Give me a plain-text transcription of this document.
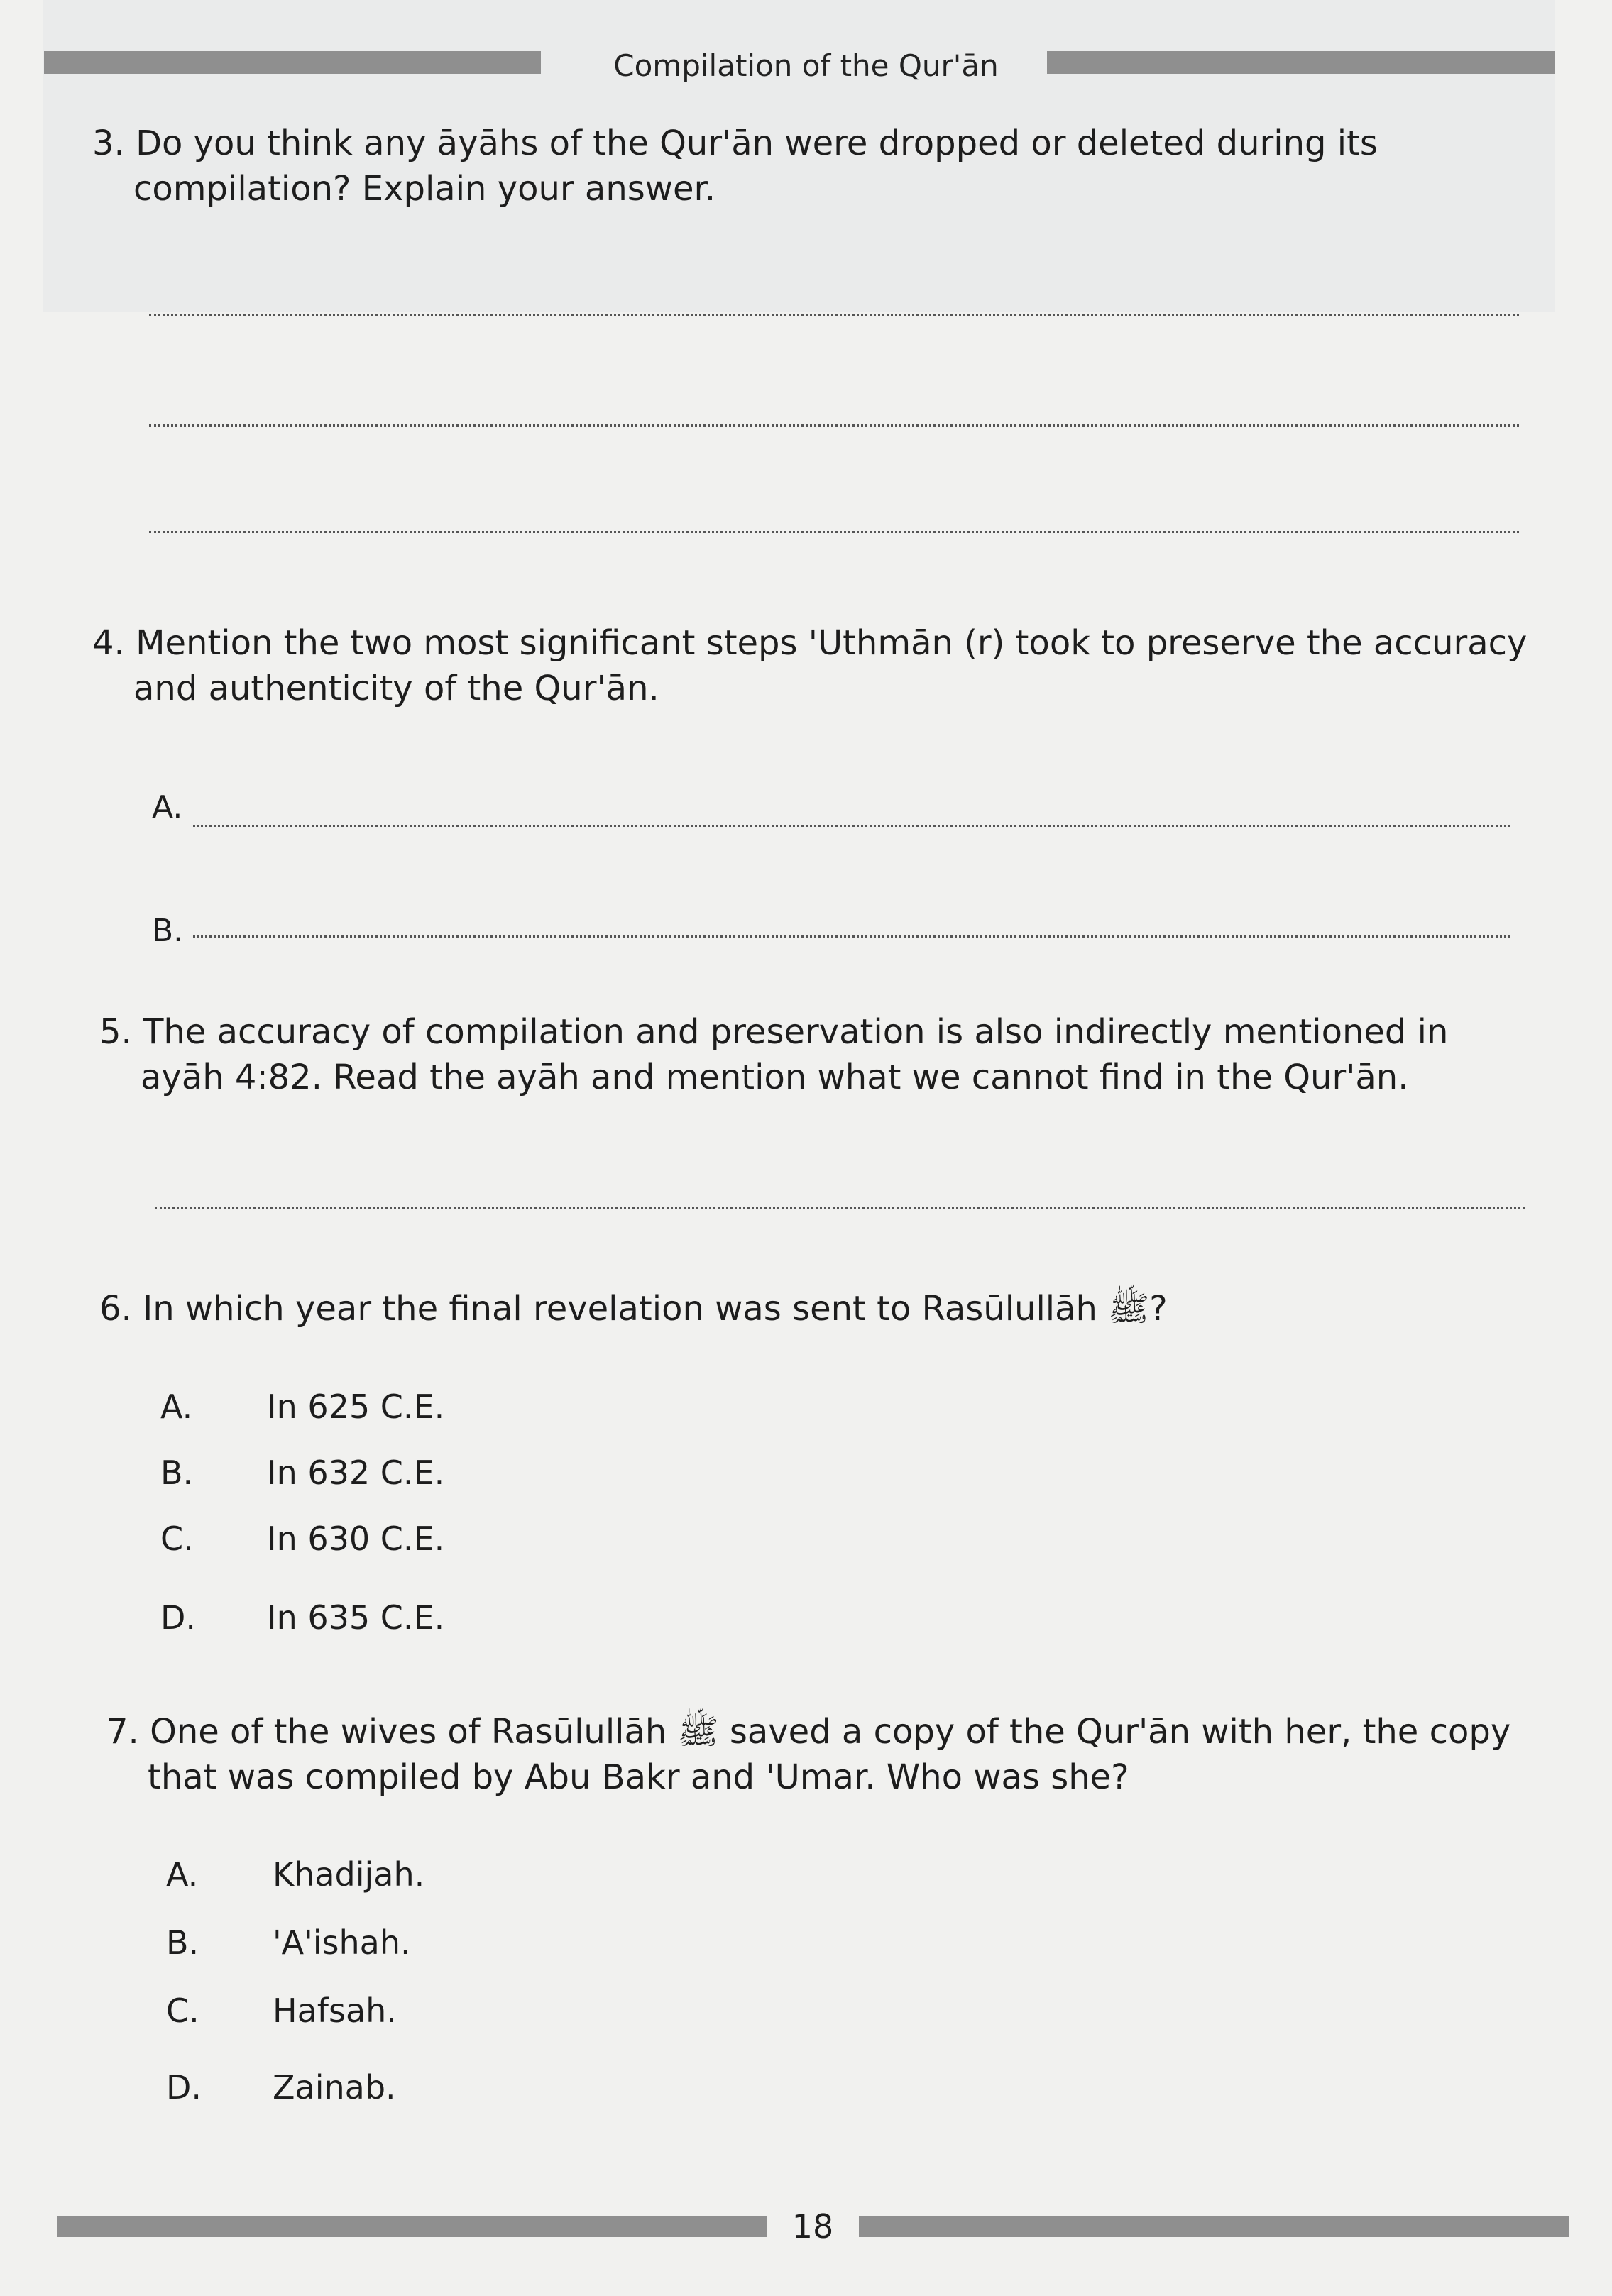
Compilation of the Qur'ān
3. Do you think any āyāhs of the Qur'ān were dropped or deleted during its
compilation? Explain your answer.
4. Mention the two most significant steps 'Uthmān (r) took to preserve the accuracy
and authenticity of the Qur'ān.
A.
B.
5. The accuracy of compilation and preservation is also indirectly mentioned in
ayāh 4:82. Read the ayāh and mention what we cannot find in the Qur'ān.
6. In which year the final revelation was sent to Rasūlullāh ﷺ?
A. In 625 C.E.
B. In 632 C.E.
C. In 630 C.E.
D. In 635 C.E.
7. One of the wives of Rasūlullāh ﷺ saved a copy of the Qur'ān with her, the copy
that was compiled by Abu Bakr and 'Umar. Who was she?
A. Khadijah.
B. 'A'ishah.
C. Hafsah.
D. Zainab.
18
